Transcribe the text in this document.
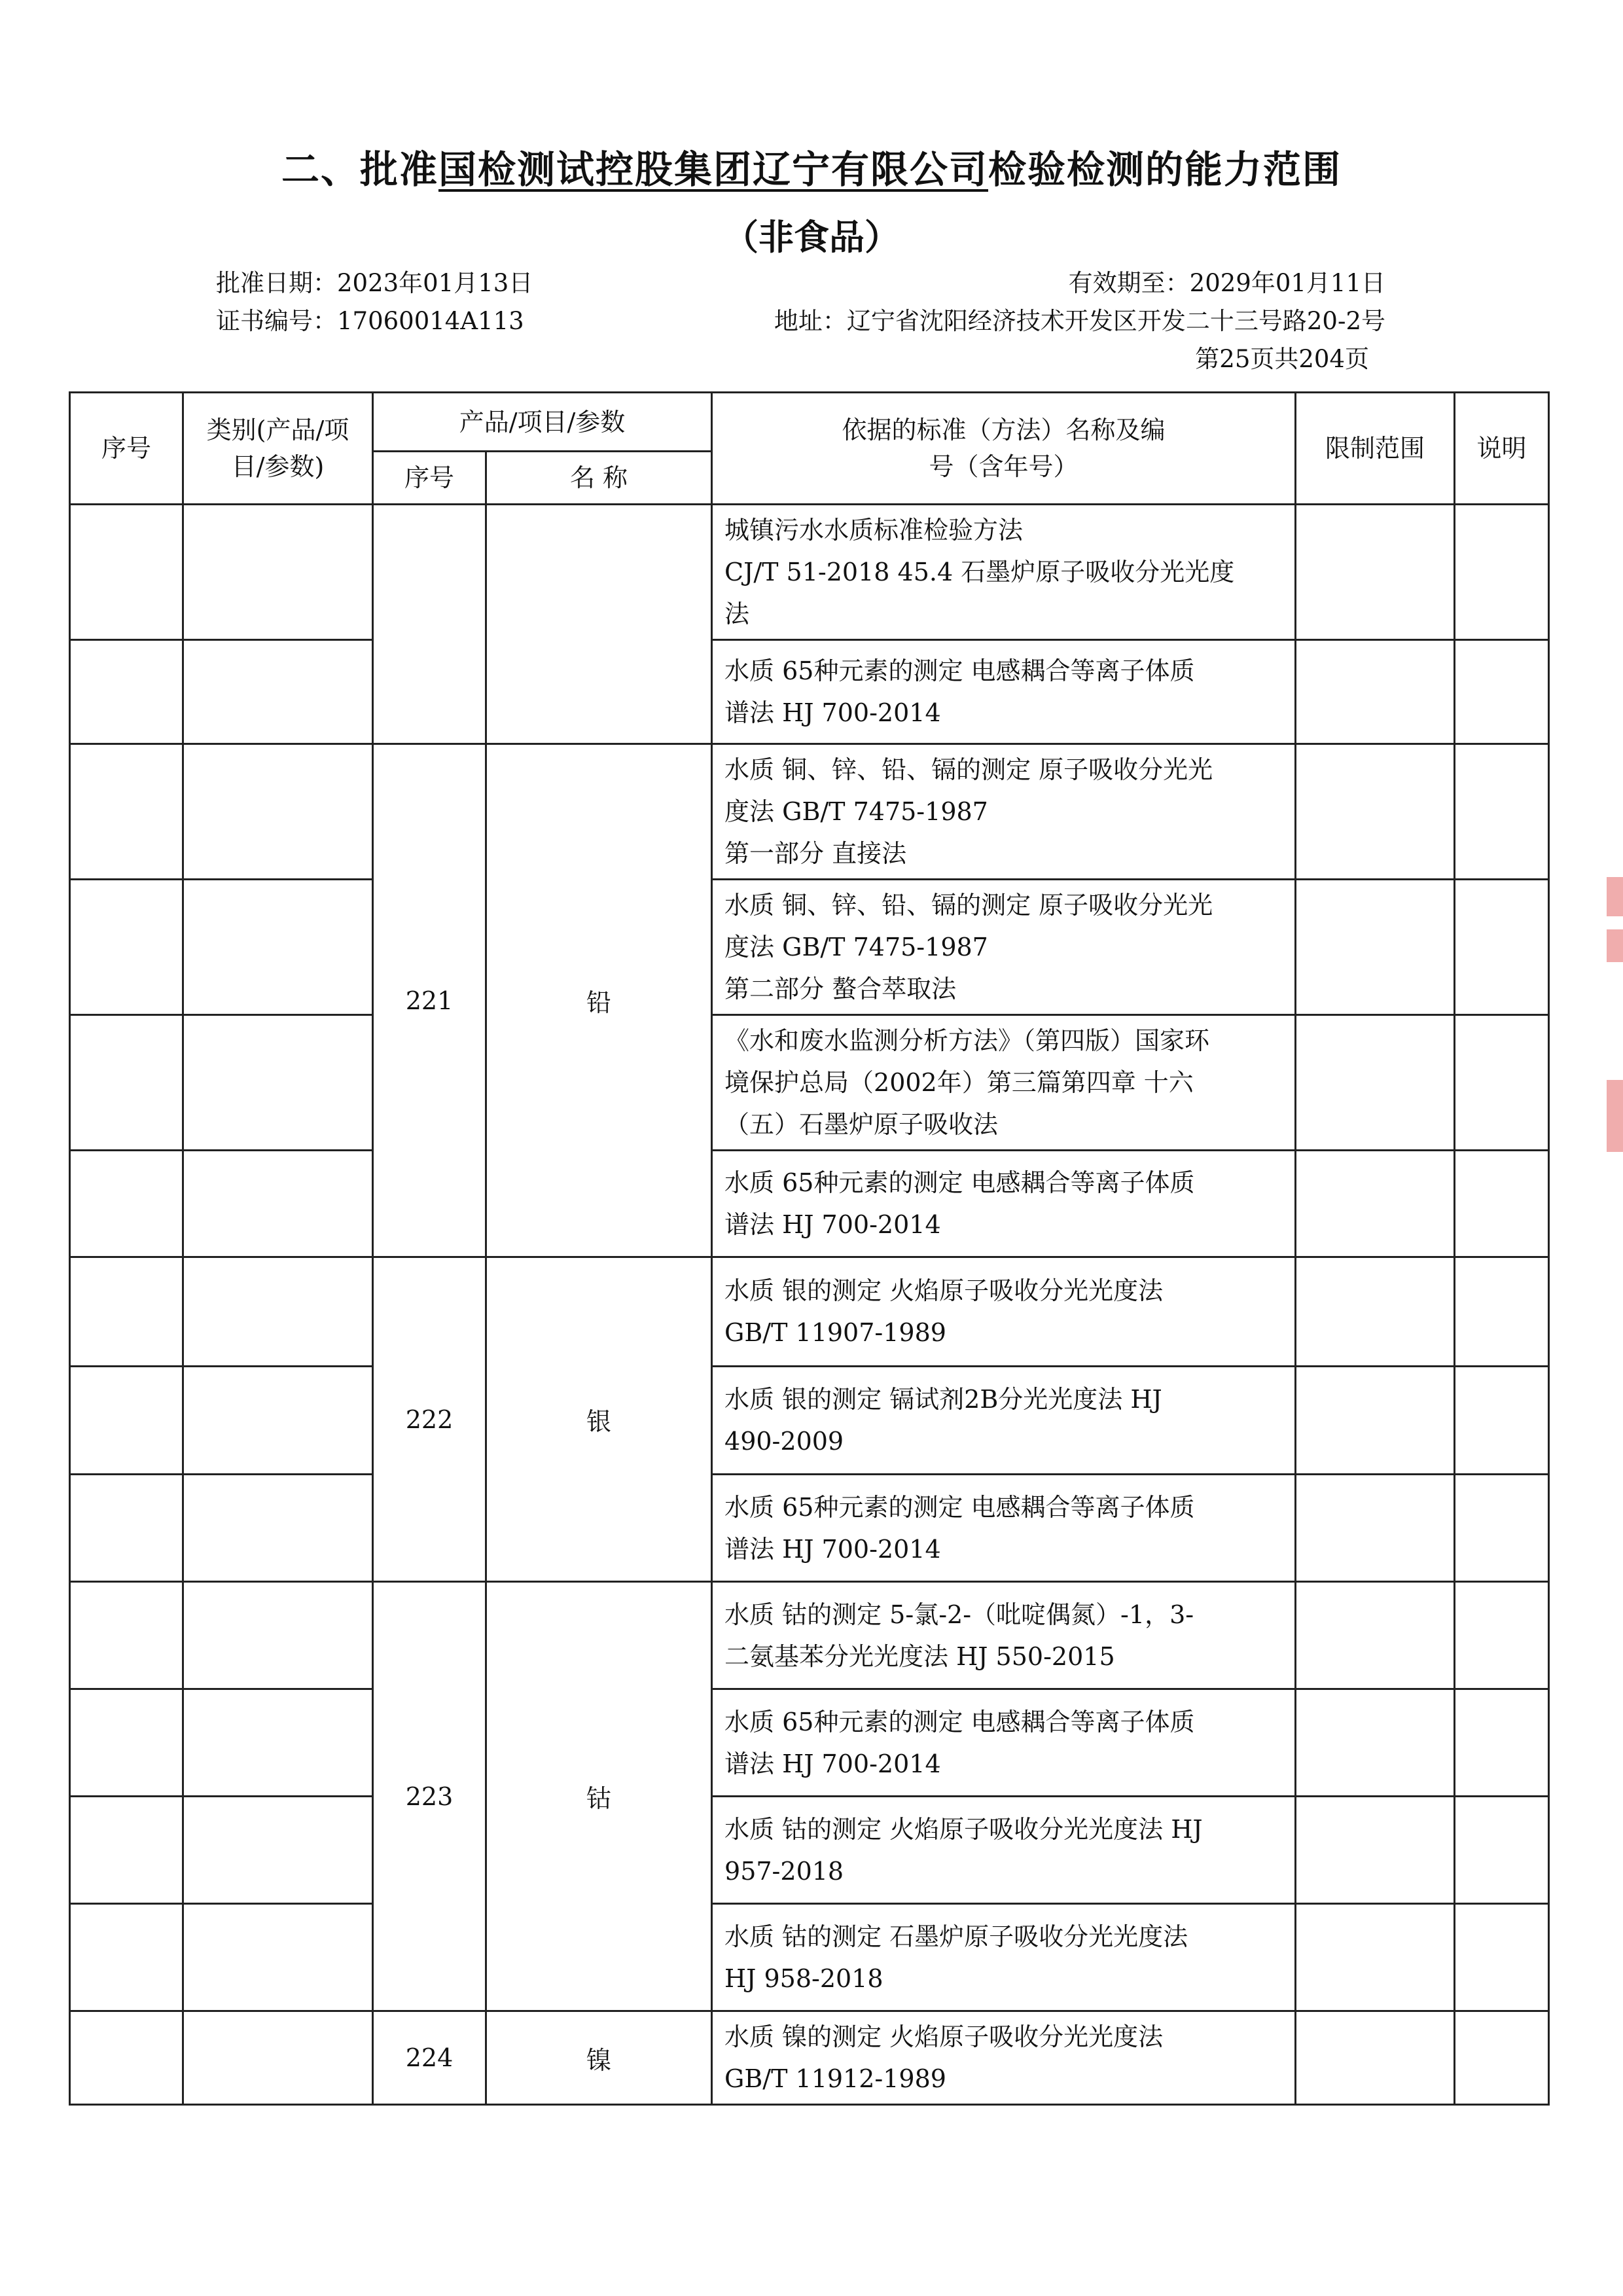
二、批准国检测试控股集团辽宁有限公司检验检测的能力范围
（非食品）
批准日期：2023年01月13日	有效期至：2029年01月11日
证书编号：17060014A113	地址：辽宁省沈阳经济技术开发区开发二十三号路20-2号
第25页共204页
序号	类别(产品/项目/参数)	产品/项目/参数		依据的标准（方法）名称及编号（含年号）	限制范围	说明
		序号	名 称			

				城镇污水水质标准检验方法
CJ/T 51-2018 45.4 石墨炉原子吸收分光光度
法		

				水质 65种元素的测定 电感耦合等离子体质
谱法 HJ 700-2014		

		221	铅	水质 铜、锌、铅、镉的测定 原子吸收分光光
度法 GB/T 7475-1987
第一部分 直接法		

				水质 铜、锌、铅、镉的测定 原子吸收分光光
度法 GB/T 7475-1987
第二部分 螯合萃取法		

				《水和废水监测分析方法》（第四版）国家环
境保护总局（2002年）第三篇第四章 十六
（五）石墨炉原子吸收法		

				水质 65种元素的测定 电感耦合等离子体质
谱法 HJ 700-2014		

		222	银	水质 银的测定 火焰原子吸收分光光度法
GB/T 11907-1989		

				水质 银的测定 镉试剂2B分光光度法 HJ
490-2009		

				水质 65种元素的测定 电感耦合等离子体质
谱法 HJ 700-2014		

		223	钴	水质 钴的测定 5-氯-2-（吡啶偶氮）-1，3-
二氨基苯分光光度法 HJ 550-2015		

				水质 65种元素的测定 电感耦合等离子体质
谱法 HJ 700-2014		

				水质 钴的测定 火焰原子吸收分光光度法 HJ
957-2018		

				水质 钴的测定 石墨炉原子吸收分光光度法
HJ 958-2018		

		224	镍	水质 镍的测定 火焰原子吸收分光光度法
GB/T 11912-1989		
